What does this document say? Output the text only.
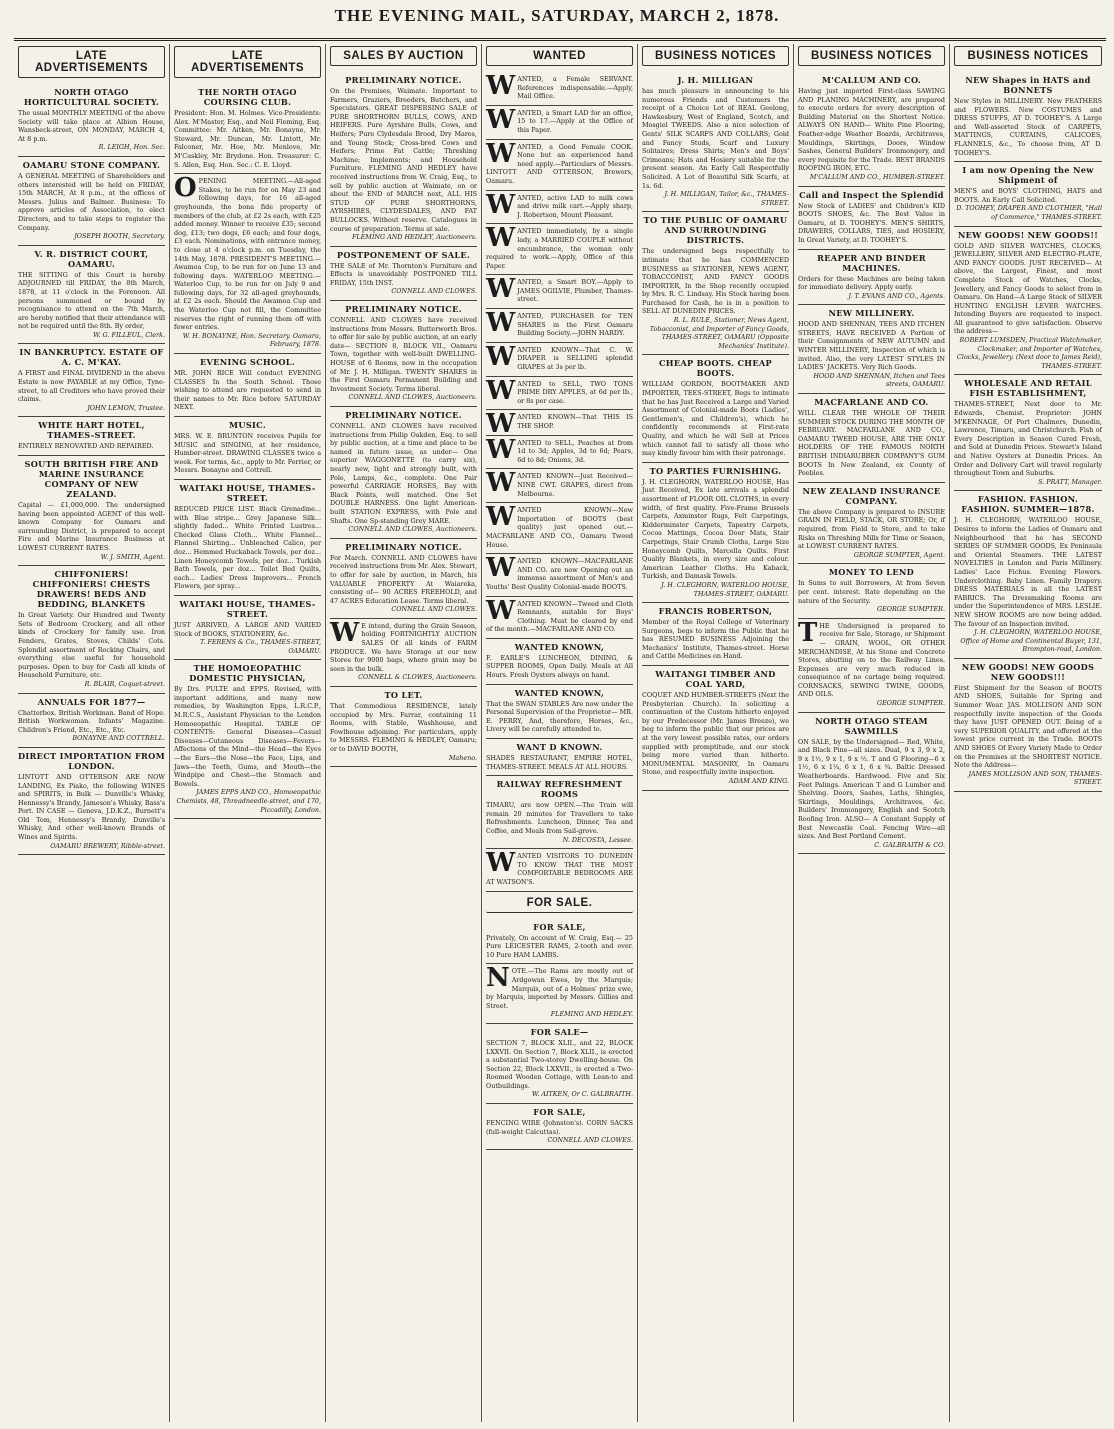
THE EVENING MAIL, SATURDAY, MARCH 2, 1878.
LATE ADVERTISEMENTS
NORTH OTAGO HORTICULTURAL SOCIETY.
The usual MONTHLY MEETING of the above Society will take place at Albion House, Wansbeck-street, ON MONDAY, MARCH 4, At 8 p.m.
R. LEIGH, Hon. Sec.
OAMARU STONE COMPANY.
A GENERAL MEETING of Shareholders and others interested will be held on FRIDAY, 15th MARCH, At 8 p.m., at the offices of Messrs. Julius and Balmer. Business: To approve articles of Association, to elect Directors, and to take steps to register the Company.
JOSEPH BOOTH, Secretary.
V. R. DISTRICT COURT, OAMARU.
THE SITTING of this Court is hereby ADJOURNED till FRIDAY, the 8th March, 1878, at 11 o'clock in the Forenoon. All persons summoned or bound by recognisance to attend on the 7th March, are hereby notified that their attendance will not be required until the 8th. By order,
W. G. FILLEUL, Clerk.
IN BANKRUPTCY. ESTATE OF A. C. M'KAY.
A FIRST and FINAL DIVIDEND in the above Estate is now PAYABLE at my Office, Tyne-street, to all Creditors who have proved their claims.
JOHN LEMON, Trustee.
WHITE HART HOTEL, THAMES-STREET.
ENTIRELY RENOVATED AND REPAIRED.
SOUTH BRITISH FIRE AND MARINE INSURANCE COMPANY OF NEW ZEALAND.
Capital — £1,000,000. The undersigned having been appointed AGENT of this well-known Company for Oamaru and surrounding District, is prepared to accept Fire and Marine Insurance Business at LOWEST CURRENT RATES.
W. J. SMITH, Agent.
CHIFFONIERS! CHIFFONIERS! CHESTS DRAWERS! BEDS AND BEDDING, BLANKETS
In Great Variety. Our Hundred and Twenty Sets of Bedroom Crockery, and all other kinds of Crockery for family use. Iron Fenders, Grates, Stoves, Childs' Cots. Splendid assortment of Rocking Chairs, and everything else useful for household purposes. Open to buy for Cash all kinds of Household Furniture, etc.
R. BLAIR, Coquet-street.
ANNUALS FOR 1877—
Chatterbox. British Workman. Band of Hope. British Workwoman. Infants' Magazine. Children's Friend, Etc., Etc., Etc.
BONAYNE AND COTTRELL.
DIRECT IMPORTATION FROM LONDON.
LINTOTT AND OTTERSON ARE NOW LANDING, Ex Piako, the following WINES and SPIRITS, in Bulk — Dunville's Whisky, Hennessy's Brandy, Jameson's Whisky, Bass's Port. IN CASE — Geneva, J.D.K.Z., Burnett's Old Tom, Hennessy's Brandy, Dunville's Whisky, And other well-known Brands of Wines and Spirits.
OAMARU BREWERY, Ribble-street.
LATE ADVERTISEMENTS
THE NORTH OTAGO COURSING CLUB.
President: Hon. M. Holmes. Vice-Presidents: Alex. M'Master, Esq., and Neil Fleming, Esq. Committee: Mr. Aitken, Mr. Bonayne, Mr. Steward, Mr. Duncan, Mr. Lintott, Mr. Falconer, Mr. Hoe, Mr. Menlove, Mr. M'Caskley, Mr. Brydone. Hon. Treasurer: C. S. Allen, Esq. Hon. Sec.: C. E. Lloyd.
OPENING MEETING.—All-aged Stakes, to be run for on May 23 and following days, for 16 all-aged greyhounds, the bona fide property of members of the club, at £2 2s each, with £25 added money. Winner to receive £35; second dog, £13; two dogs, £6 each; and four dogs, £3 each. Nominations, with entrance money, to close at 4 o'clock p.m. on Tuesday, the 14th May, 1878. PRESIDENT'S MEETING.—Awamoa Cup, to be run for on June 13 and following days. WATERLOO MEETING.—Waterloo Cup, to be run for on July 9 and following days, for 32 all-aged greyhounds, at £2 2s each. Should the Awamoa Cup and the Waterloo Cup not fill, the Committee reserves the right of running them off with fewer entries.
W. H. BONAYNE, Hon. Secretary. Oamaru, February, 1878.
EVENING SCHOOL.
MR. JOHN RICE Will conduct EVENING CLASSES In the South School. Those wishing to attend are requested to send in their names to Mr. Rice before SATURDAY NEXT.
MUSIC.
MRS. W. E. BRUNTON receives Pupils for MUSIC and SINGING, at her residence, Humber-street. DRAWING CLASSES twice a week. For terms, &c., apply to Mr. Ferrier, or Messrs. Bonayne and Cottrell.
WAITAKI HOUSE, THAMES-STREET.
REDUCED PRICE LIST. Black Grenadine... with Blue stripe... Grey Japanese Silk... slightly faded... White Printed Lustres... Checked Glass Cloth... White Flannel... Flannel Shirting... Unbleached Calico, per doz... Hemmed Huckaback Towels, per doz... Linen Honeycomb Towels, per doz... Turkish Bath Towels, per doz... Toilet Bed Quilts, each... Ladies' Dress Improvers... French Flowers, per spray...
WAITAKI HOUSE, THAMES-STREET.
JUST ARRIVED, A LARGE AND VARIED Stock of BOOKS, STATIONERY, &c.
T. FERENS & Co., THAMES-STREET, OAMARU.
THE HOMOEOPATHIC DOMESTIC PHYSICIAN,
By Drs. PULTE and EPPS. Revised, with important additions, and many new remedies, by Washington Epps, L.R.C.P., M.R.C.S., Assistant Physician to the London Homoeopathic Hospital. TABLE OF CONTENTS: General Diseases—Casual Diseases—Cutaneous Diseases—Fevers—Affections of the Mind—the Head—the Eyes—the Ears—the Nose—the Face, Lips, and Jaws—the Teeth, Gums, and Mouth—the Windpipe and Chest—the Stomach and Bowels.
JAMES EPPS AND CO., Homoeopathic Chemists, 48, Threadneedle-street, and 170, Piccadilly, London.
SALES BY AUCTION
PRELIMINARY NOTICE.
On the Premises, Waimate. Important to Farmers, Graziers, Breeders, Butchers, and Speculators. GREAT DISPERSING SALE of PURE SHORTHORN BULLS, COWS, AND HEIFERS. Pure Ayrshire Bulls, Cows, and Heifers; Pure Clydesdale Brood, Dry Mares, and Young Stock; Cross-bred Cows and Heifers; Prime Fat Cattle; Threshing Machine; Implements; and Household Furniture. FLEMING AND HEDLEY have received instructions from W. Craig, Esq., to sell by public auction at Waimate, on or about the END of MARCH next, ALL HIS STUD OF PURE SHORTHORNS, AYRSHIRES, CLYDESDALES, AND FAT BULLOCKS. Without reserve. Catalogues in course of preparation. Terms at sale.
FLEMING AND HEDLEY, Auctioneers.
POSTPONEMENT OF SALE.
THE SALE of Mr. Thornton's Furniture and Effects is unavoidably POSTPONED TILL FRIDAY, 15th INST.
CONNELL AND CLOWES.
PRELIMINARY NOTICE.
CONNELL AND CLOWES have received instructions from Messrs. Butterworth Bros. to offer for sale by public auction, at an early date— SECTION 8, BLOCK VII., Oamaru Town, together with well-built DWELLING-HOUSE of 6 Rooms, now in the occupation of Mr. J. H. Milligan. TWENTY SHARES in the First Oamaru Permanent Building and Investment Society. Terms liberal.
CONNELL AND CLOWES, Auctioneers.
PRELIMINARY NOTICE.
CONNELL AND CLOWES have received instructions from Philip Oakden, Esq. to sell by public auction, at a time and place to be named in future issue, as under— One superior WAGGONETTE (to carry six), nearly new, light and strongly built, with Pole, Lamps, &c., complete. One Pair powerful CARRIAGE HORSES, Bay with Black Points, well matched. One Set DOUBLE HARNESS. One light American-built STATION EXPRESS, with Pole and Shafts. One Sp-standing Grey MARE.
CONNELL AND CLOWES, Auctioneers.
PRELIMINARY NOTICE.
For March. CONNELL AND CLOWES have received instructions from Mr. Alex. Stewart, to offer for sale by auction, in March, his VALUABLE PROPERTY At Waiareka, consisting of— 90 ACRES FREEHOLD, and 47 ACRES Education Lease. Terms liberal.
CONNELL AND CLOWES.
W E intend, during the Grain Season, holding FORTNIGHTLY AUCTION SALES Of all kinds of FARM PRODUCE. We have Storage at our new Stores for 9000 bags, where grain may be seen in the bulk.
CONNELL & CLOWES, Auctioneers.
TO LET.
That Commodious RESIDENCE, lately occupied by Mrs. Farrar, containing 11 Rooms, with Stable, Washhouse, and Fowlhouse adjoining. For particulars, apply to MESSRS. FLEMING & HEDLEY, Oamaru; or to DAVID BOOTH,
Maheno.
WANTED
WANTED, a Female SERVANT. References indispensable.—Apply, Mail Office.
WANTED, a Smart LAD for an office, 15 to 17.—Apply at the Office of this Paper.
WANTED, a Good Female COOK. None but an experienced hand need apply.—Particulars of Messrs. LINTOTT AND OTTERSON, Brewers, Oamaru.
WANTED, active LAD to milk cows and drive milk cart.—Apply sharp, J. Robertson, Mount Pleasant.
WANTED immediately, by a single lady, a MARRIED COUPLE without encumbrance, the woman only required to work.—Apply, Office of this Paper.
WANTED, a Smart BOY.—Apply to JAMES OGILVIE, Plumber, Thames-street.
WANTED, PURCHASER for TEN SHARES in the First Oamaru Building Society.—JOHN HARDY.
WANTED KNOWN—That C. W. DRAPER is SELLING splendid GRAPES at 3s per lb.
WANTED to SELL, TWO TONS PRIME DRY APPLES, at 6d per lb., or 8s per case.
WANTED KNOWN—That THIS IS THE SHOP.
WANTED to SELL, Peaches at from 1d to 3d; Apples, 3d to 6d; Pears, 6d to 8d; Onions, 3d.
WANTED KNOWN—Just Received—NINE CWT. GRAPES, direct from Melbourne.
WANTED KNOWN—New Importation of BOOTS (best quality) just opened out.—MACFARLANE AND CO., Oamaru Tweed House.
WANTED KNOWN—MACFARLANE AND CO. are now Opening out an immense assortment of Men's and Youths' Best Quality Colonial-made BOOTS.
WANTED KNOWN—Tweed and Cloth Remnants, suitable for Boys' Clothing. Must be cleared by end of the month.—MACFARLANE AND CO.
WANTED KNOWN,
F. EARLE'S LUNCHEON, DINING, & SUPPER ROOMS, Open Daily. Meals at All Hours. Fresh Oysters always on hand.
WANTED KNOWN,
That the SWAN STABLES Are now under the Personal Supervision of the Proprietor— MR. E. PERRY, And, therefore, Horses, &c., Livery will be carefully attended to.
WANT D KNOWN.
SHADES RESTAURANT, EMPIRE HOTEL, THAMES-STREET. MEALS AT ALL HOURS.
RAILWAY REFRESHMENT ROOMS
TIMARU, are now OPEN.—The Train will remain 20 minutes for Travellers to take Refreshments. Luncheon, Dinner, Tea and Coffee, and Meals from Sail-grove.
N. DECOSTA, Lessee.
WANTED VISITORS TO DUNEDIN TO KNOW THAT THE MOST COMFORTABLE BEDROOMS ARE AT WATSON'S.
FOR SALE.
FOR SALE,
Privately, On account of W. Craig, Esq.— 25 Pure LEICESTER RAMS, 2-tooth and over. 10 Pure HAM LAMBS.
NOTE.—The Rams are mostly out of Ardgowan Ewes, by the Marquis; Marquis, out of a Holmes' prize ewe, by Marquis, imported by Messrs. Gillies and Street.
FLEMING AND HEDLEY.
FOR SALE—
SECTION 7, BLOCK XLII., and 22, BLOCK LXXVII. On Section 7, Block XLII., is erected a substantial Two-storey Dwelling-house. On Section 22, Block LXXVII., is erected a Two-Roomed Wooden Cottage, with Lean-to and Outbuildings.
W. AITKEN, Or C. GALBRAITH.
FOR SALE,
FENCING WIRE (Johnston's). CORN SACKS (full-weight Calcuttas).
CONNELL AND CLOWES.
BUSINESS NOTICES
J. H. MILLIGAN
has much pleasure in announcing to his numerous Friends and Customers the receipt of a Choice Lot of REAL Geelong, Hawkesbury, West of England, Scotch, and Mosgiel TWEEDS. Also a nice selection of Gents' SILK SCARFS AND COLLARS; Gold and Fancy Studs, Scarf and Luxury Solitaires; Dress Shirts; Men's and Boys' Crimeans; Hats and Hosiery suitable for the present season. An Early Call Respectfully Solicited. A Lot of Beautiful Silk Scarfs, at 1s. 6d.
J. H. MILLIGAN, Tailor, &c., THAMES-STREET.
TO THE PUBLIC OF OAMARU AND SURROUNDING DISTRICTS.
The undersigned begs respectfully to intimate that he has COMMENCED BUSINESS as STATIONER, NEWS AGENT, TOBACCONIST, AND FANCY GOODS IMPORTER, In the Shop recently occupied by Mrs. R. C. Lindsay. His Stock having been Purchased for Cash, he is in a position to SELL AT DUNEDIN PRICES.
R. L. RULE, Stationer, News Agent, Tobacconist, and Importer of Fancy Goods, THAMES-STREET, OAMARU (Opposite Mechanics' Institute).
CHEAP BOOTS. CHEAP BOOTS.
WILLIAM GORDON, BOOTMAKER AND IMPORTER, TEES-STREET, Begs to intimate that he has Just Received a Large and Varied Assortment of Colonial-made Boots (Ladies', Gentlemen's, and Children's), which he confidently recommends at First-rate Quality, and which he will Sell at Prices which cannot fail to satisfy all those who may kindly favour him with their patronage.
TO PARTIES FURNISHING.
J. H. CLEGHORN, WATERLOO HOUSE, Has Just Received, Ex late arrivals a splendid assortment of FLOOR OIL CLOTHS, in every width, of first quality. Five-Frame Brussels Carpets, Axminster Rugs, Felt Carpetings, Kidderminster Carpets, Tapestry Carpets, Cocoa Mattings, Cocoa Door Mats, Stair Carpetings, Stair Crumb Cloths, Large Size Honeycomb Quilts, Marcella Quilts. First Quality Blankets, in every size and colour. American Leather Cloths. Hu Kaback, Turkish, and Damask Towels.
J. H. CLEGHORN, WATERLOO HOUSE, THAMES-STREET, OAMARU.
FRANCIS ROBERTSON,
Member of the Royal College of Veterinary Surgeons, begs to inform the Public that he has RESUMED BUSINESS Adjoining the Mechanics' Institute, Thames-street. Horse and Cattle Medicines on Hand.
WAITANGI TIMBER AND COAL YARD,
COQUET AND HUMBER-STREETS (Next the Presbyterian Church). In soliciting a continuation of the Custom hitherto enjoyed by our Predecessor (Mr. James Breeze), we beg to inform the public that our prices are at the very lowest possible rates, our orders supplied with promptitude, and our stock being more varied than hitherto. MONUMENTAL MASONRY, In Oamaru Stone, and respectfully invite inspection.
ADAM AND KING.
BUSINESS NOTICES
M'CALLUM AND CO.
Having just imported First-class SAWING AND PLANING MACHINERY, are prepared to execute orders for every description of Building Material on the Shortest Notice. ALWAYS ON HAND— White Pine Flooring, Feather-edge Weather Boards, Architraves, Mouldings, Skirtings, Doors, Window Sashes, General Builders' Ironmongery, and every requisite for the Trade. BEST BRANDS ROOFING IRON, ETC.
M'CALLUM AND CO., HUMBER-STREET.
Call and Inspect the Splendid
New Stock of LADIES' and Children's KID BOOTS SHOES, &c. The Best Value in Oamaru, at D. TOOHEY'S. MEN'S SHIRTS, DRAWERS, COLLARS, TIES, and HOSIERY, In Great Variety, at D. TOOHEY'S.
REAPER AND BINDER MACHINES.
Orders for these Machines are being taken for immediate delivery. Apply early.
J. T. EVANS AND CO., Agents.
NEW MILLINERY.
HOOD AND SHENNAN, TEES AND ITCHEN STREETS, HAVE RECEIVED A Portion of their Consignments of NEW AUTUMN and WINTER MILLINERY, Inspection of which is invited. Also, the very LATEST STYLES IN LADIES' JACKETS. Very Rich Goods.
HOOD AND SHENNAN, Itchen and Tees streets, OAMARU.
MACFARLANE AND CO.
WILL CLEAR THE WHOLE OF THEIR SUMMER STOCK DURING THE MONTH OF FEBRUARY. MACFARLANE AND CO., OAMARU TWEED HOUSE, ARE THE ONLY HOLDERS OF THE FAMOUS NORTH BRITISH INDIARUBBER COMPANY'S GUM BOOTS In New Zealand, ex County of Peebles.
NEW ZEALAND INSURANCE COMPANY.
The above Company is prepared to INSURE GRAIN IN FIELD, STACK, OR STORE; Or, if required, from Field to Store, and to take Risks on Threshing Mills for Time or Season, at LOWEST CURRENT RATES.
GEORGE SUMPTER, Agent.
MONEY TO LEND
In Sums to suit Borrowers, At from Seven per cent. interest. Rate depending on the nature of the Security.
GEORGE SUMPTER.
THE Undersigned is prepared to receive for Sale, Storage, or Shipment— GRAIN, WOOL, OR OTHER MERCHANDISE, At his Stone and Concrete Stores, abutting on to the Railway Lines. Expenses are very much reduced in consequence of no cartage being required. CORNSACKS, SEWING TWINE, GOODS, AND OILS.
GEORGE SUMPTER.
NORTH OTAGO STEAM SAWMILLS
ON SALE, by the Undersigned— Red, White, and Black Pine—all sizes. Dual, 9 x 3, 9 x 2, 9 x 1½, 9 x 1, 9 x ½. T and G Flooring—6 x 1½, 6 x 1¼, 6 x 1, 6 x ¾. Baltic Dressed Weatherboards. Hardwood. Five and Six Feet Palings. American T and G Lumber and Shelving. Doors, Sashes, Laths, Shingles, Skirtings, Mouldings, Architraves, &c. Builders' Ironmongery, English and Scotch Roofing Iron. ALSO— A Constant Supply of Best Newcastle Coal. Fencing Wire—all sizes. And Best Portland Cement.
C. GALBRAITH & CO.
BUSINESS NOTICES
NEW Shapes in HATS and BONNETS
New Styles in MILLINERY. New FEATHERS and FLOWERS. New COSTUMES and DRESS STUFFS, AT D. TOOHEY'S. A Large and Well-assorted Stock of CARPETS, MATTINGS, CURTAINS, CALICOES, FLANNELS, &c., To choose from, AT D. TOOHEY'S.
I am now Opening the New Shipment of
MEN'S and BOYS' CLOTHING, HATS and BOOTS. An Early Call Solicited.
D. TOOHEY, DRAPER AND CLOTHIER, "Hall of Commerce," THAMES-STREET.
NEW GOODS! NEW GOODS!!
GOLD AND SILVER WATCHES, CLOCKS, JEWELLERY, SILVER AND ELECTRO-PLATE, AND FANCY GOODS. JUST RECEIVED— At above, the Largest, Finest, and most Complete Stock of Watches, Clocks, Jewellery, and Fancy Goods to select from in Oamaru. On Hand—A Large Stock of SILVER HUNTING ENGLISH LEVER WATCHES. Intending Buyers are requested to inspect. All guaranteed to give satisfaction. Observe the address—
ROBERT LUMSDEN, Practical Watchmaker, Clockmaker, and Importer of Watches, Clocks, Jewellery. (Next door to James Reid), THAMES-STREET.
WHOLESALE AND RETAIL FISH ESTABLISHMENT,
THAMES-STREET, Next door to Mr. Edwards, Chemist. Proprietor: JOHN M'KENNAGE, Of Port Chalmers, Dunedin, Lawrence, Timaru, and Christchurch. Fish of Every Description in Season Cured Fresh, and Sold at Dunedin Prices. Stewart's Island and Native Oysters at Dunedin Prices. An Order and Delivery Cart will travel regularly throughout Town and Suburbs.
S. PRATT, Manager.
FASHION. FASHION. FASHION. SUMMER—1878.
J. H. CLEGHORN, WATERLOO HOUSE, Desires to inform the Ladies of Oamaru and Neighbourhood that he has SECOND SERIES OF SUMMER GOODS, Ex Peninsula and Oriental Steamers. THE LATEST NOVELTIES in London and Paris Millinery. Ladies' Lace Fichus. Evening Flowers. Underclothing. Baby Linen. Family Drapery. DRESS MATERIALS in all the LATEST FABRICS. The Dressmaking Rooms are under the Superintendence of MRS. LESLIE. NEW SHOW ROOMS are now being added. The favour of an Inspection invited.
J. H. CLEGHORN, WATERLOO HOUSE, Office of Home and Continental Buyer, 131, Brompton-road, London.
NEW GOODS! NEW GOODS NEW GOODS!!!
First Shipment for the Season of BOOTS AND SHOES, Suitable for Spring and Summer Wear. JAS. MOLLISON AND SON respectfully invite inspection of the Goods they have JUST OPENED OUT. Being of a very SUPERIOR QUALITY, and offered at the lowest price current in the Trade. BOOTS AND SHOES Of Every Variety Made to Order on the Premises at the SHORTEST NOTICE. Note the Address—
JAMES MOLLISON AND SON, THAMES-STREET.
